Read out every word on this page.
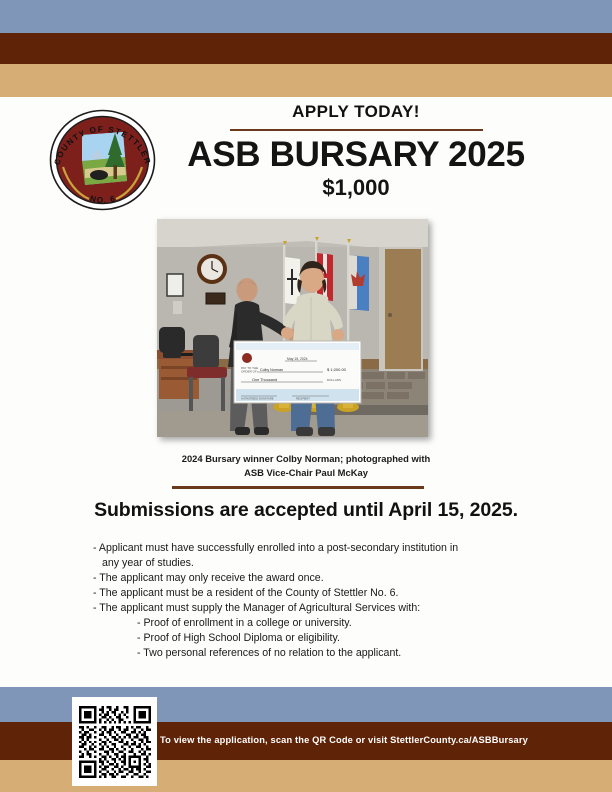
COUNTY OF STETTLER
NO. 6

APPLY TODAY!

ASB BURSARY 2025

$1,000

May 15, 2024
PAY TO THE
ORDER OF Colby Norman	$ 1,000.00
One Thousand	DOLLARS
AUTHORIZED SIGNATURE	RECIPIENT
2024 Bursary winner Colby Norman; photographed with
ASB Vice-Chair Paul McKay
Submissions are accepted until April 15, 2025.
- Applicant must have successfully enrolled into a post-secondary institution in
any year of studies.
- The applicant may only receive the award once.
- The applicant must be a resident of the County of Stettler No. 6.
- The applicant must supply the Manager of Agricultural Services with:
- Proof of enrollment in a college or university.
- Proof of High School Diploma or eligibility.
- Two personal references of no relation to the applicant.
To view the application, scan the QR Code or visit StettlerCounty.ca/ASBBursary
